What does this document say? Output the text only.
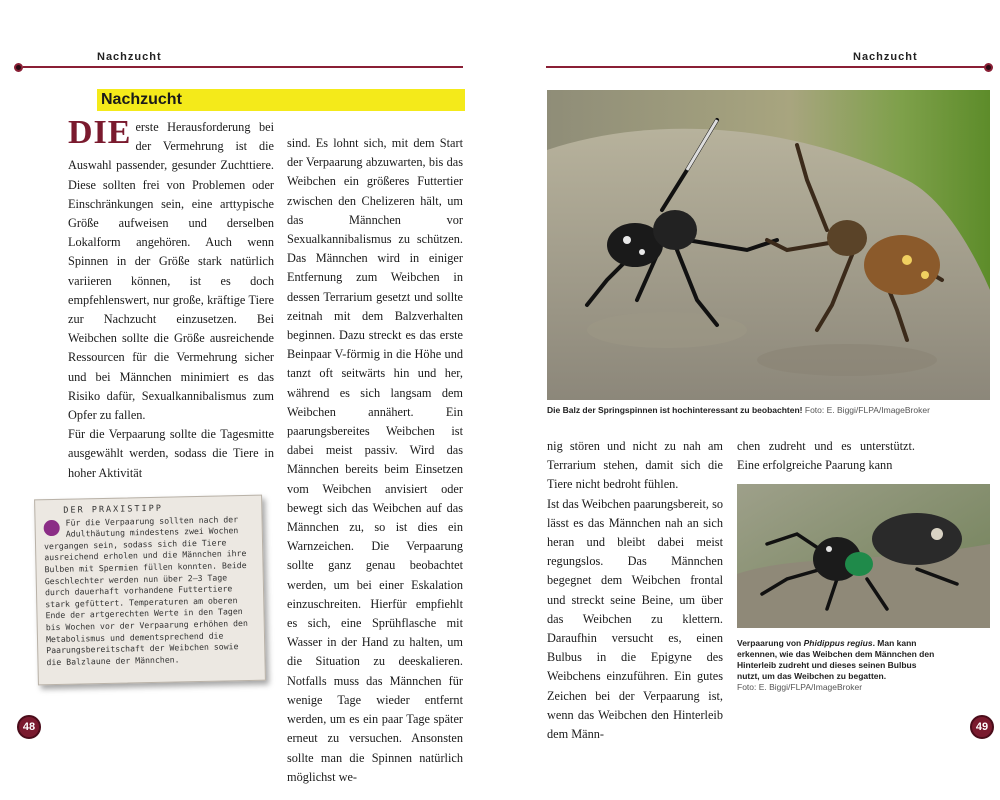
Nachzucht
Nachzucht
DIE erste Herausforderung bei der Vermehrung ist die Auswahl passender, gesunder Zuchttiere. Diese sollten frei von Problemen oder Einschränkungen sein, eine arttypische Größe aufweisen und derselben Lokalform angehören. Auch wenn Spinnen in der Größe stark natürlich variieren können, ist es doch empfehlenswert, nur große, kräftige Tiere zur Nachzucht einzusetzen. Bei Weibchen sollte die Größe ausreichende Ressourcen für die Vermehrung sicher und bei Männchen minimiert es das Risiko dafür, Sexualkannibalismus zum Opfer zu fallen.

Für die Verpaarung sollte die Tagesmitte ausgewählt werden, sodass die Tiere in hoher Aktivität

sind. Es lohnt sich, mit dem Start der Verpaarung abzuwarten, bis das Weibchen ein größeres Futtertier zwischen den Chelizeren hält, um das Männchen vor Sexualkannibalismus zu schützen. Das Männchen wird in einiger Entfernung zum Weibchen in dessen Terrarium gesetzt und sollte zeitnah mit dem Balzverhalten beginnen. Dazu streckt es das erste Beinpaar V-förmig in die Höhe und tanzt oft seitwärts hin und her, während es sich langsam dem Weibchen annähert. Ein paarungsbereites Weibchen ist dabei meist passiv. Wird das Männchen bereits beim Einsetzen vom Weibchen anvisiert oder bewegt sich das Weibchen auf das Männchen zu, so ist dies ein Warnzeichen. Die Verpaarung sollte ganz genau beobachtet werden, um bei einer Eskalation einzuschreiten. Hierfür empfiehlt es sich, eine Sprühflasche mit Wasser in der Hand zu halten, um die Situation zu deeskalieren. Notfalls muss das Männchen für wenige Tage wieder entfernt werden, um es ein paar Tage später erneut zu versuchen. Ansonsten sollte man die Spinnen natürlich möglichst we-

DER PRAXISTIPP
Für die Verpaarung sollten nach der Adulthäutung mindestens zwei Wochen vergangen sein, sodass sich die Tiere ausreichend erholen und die Männchen ihre Bulben mit Spermien füllen konnten. Beide Geschlechter werden nun über 2–3 Tage durch dauerhaft vorhandene Futtertiere stark gefüttert. Temperaturen am oberen Ende der artgerechten Werte in den Tagen bis Wochen vor der Verpaarung erhöhen den Metabolismus und dementsprechend die Paarungsbereitschaft der Weibchen sowie die Balzlaune der Männchen.
48
Nachzucht
Die Balz der Springspinnen ist hochinteressant zu beobachten! Foto: E. Biggi/FLPA/ImageBroker

nig stören und nicht zu nah am Terrarium stehen, damit sich die Tiere nicht bedroht fühlen.

Ist das Weibchen paarungsbereit, so lässt es das Männchen nah an sich heran und bleibt dabei meist regungslos. Das Männchen begegnet dem Weibchen frontal und streckt seine Beine, um über das Weibchen zu klettern. Daraufhin versucht es, einen Bulbus in die Epigyne des Weibchens einzuführen. Ein gutes Zeichen bei der Verpaarung ist, wenn das Weibchen den Hinterleib dem Männ-

chen zudreht und es unterstützt. Eine erfolgreiche Paarung kann

Verpaarung von Phidippus regius. Man kann erkennen, wie das Weibchen dem Männchen den Hinterleib zudreht und dieses seinen Bulbus nutzt, um das Weibchen zu begatten.
Foto: E. Biggi/FLPA/ImageBroker
49
